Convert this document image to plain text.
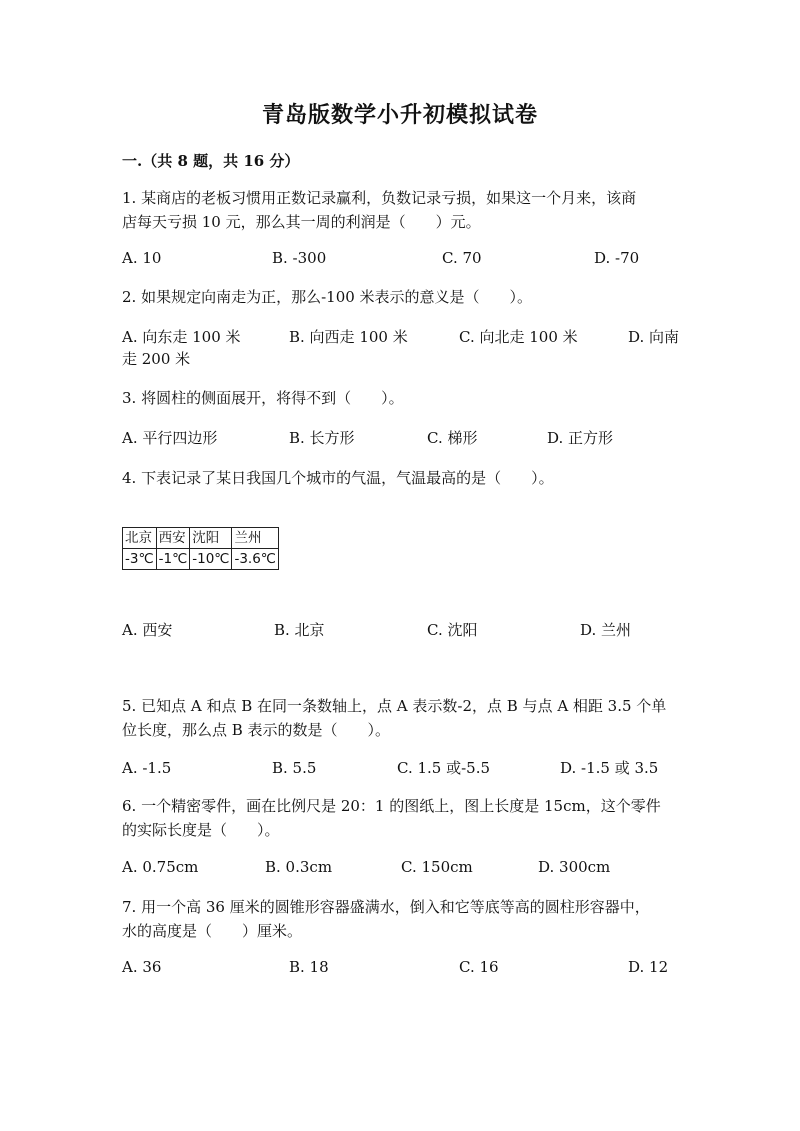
青岛版数学小升初模拟试卷
一.（共 8 题，共 16 分）
1. 某商店的老板习惯用正数记录赢利，负数记录亏损，如果这一个月来，该商
店每天亏损 10 元，那么其一周的利润是（　　）元。
A. 10	B. -300	C. 70	D. -70
2. 如果规定向南走为正，那么-100 米表示的意义是（　　）。
A. 向东走 100 米	B. 向西走 100 米	C. 向北走 100 米	D. 向南
走 200 米
3. 将圆柱的侧面展开，将得不到（　　）。
A. 平行四边形	B. 长方形	C. 梯形	D. 正方形
4. 下表记录了某日我国几个城市的气温，气温最高的是（　　）。
北京	西安	沈阳	兰州
-3℃	-1℃	-10℃	-3.6℃
A. 西安	B. 北京	C. 沈阳	D. 兰州
5. 已知点 A 和点 B 在同一条数轴上，点 A 表示数-2，点 B 与点 A 相距 3.5 个单
位长度，那么点 B 表示的数是（　　）。
A. -1.5	B. 5.5	C. 1.5 或-5.5	D. -1.5 或 3.5
6. 一个精密零件，画在比例尺是 20：1 的图纸上，图上长度是 15cm，这个零件
的实际长度是（　　）。
A. 0.75cm	B. 0.3cm	C. 150cm	D. 300cm
7. 用一个高 36 厘米的圆锥形容器盛满水，倒入和它等底等高的圆柱形容器中，
水的高度是（　　）厘米。
A. 36	B. 18	C. 16	D. 12
